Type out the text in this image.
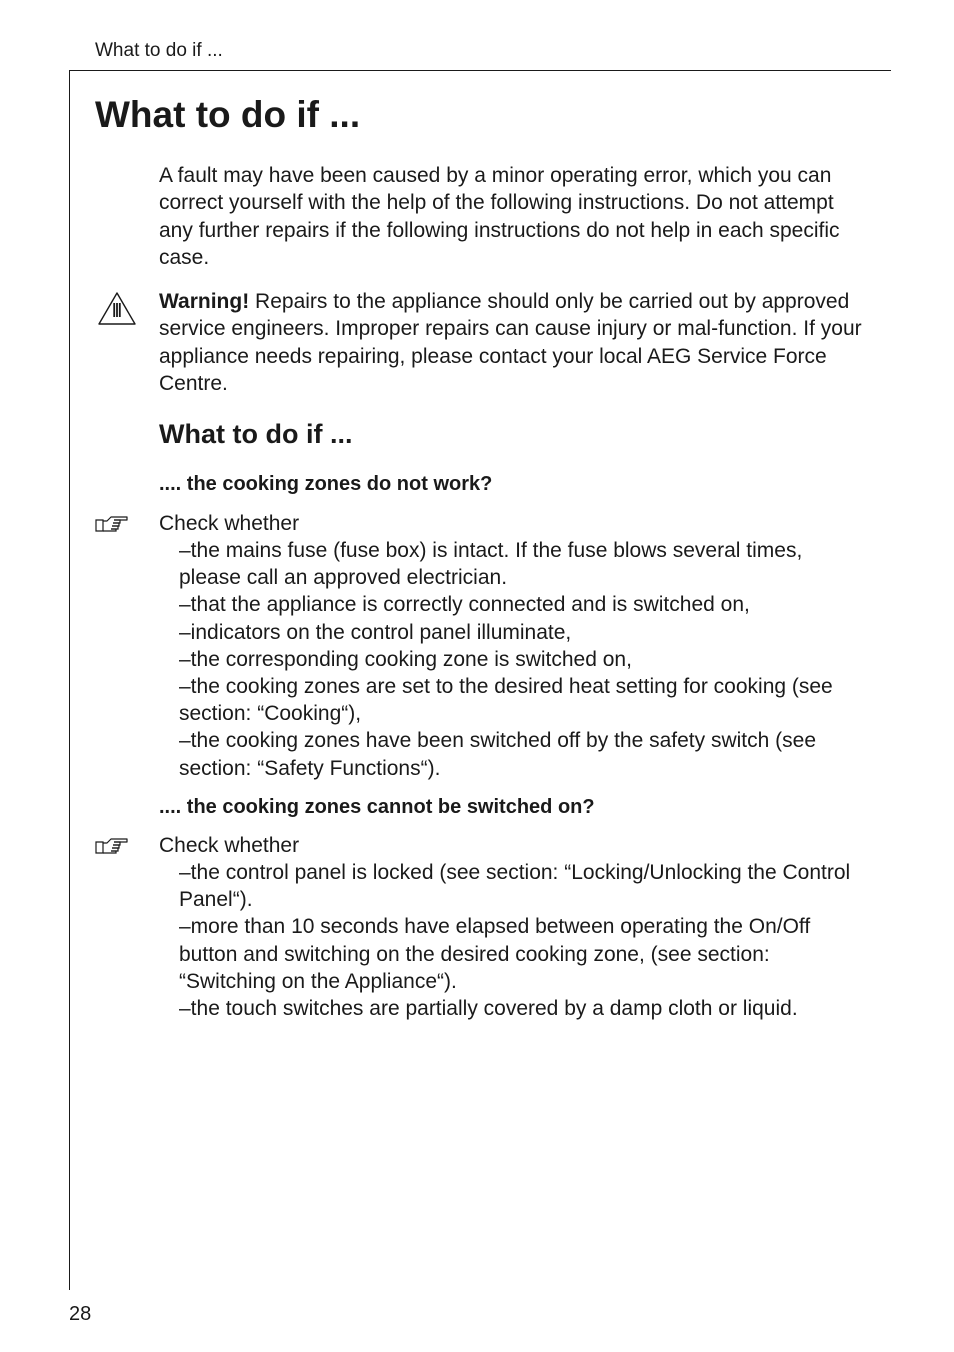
What to do if ...
What to do if ...

A fault may have been caused by a minor operating error, which you can correct yourself with the help of the following instructions. Do not attempt any further repairs if the following instructions do not help in each specific case.

Warning! Repairs to the appliance should only be carried out by approved service engineers. Improper repairs can cause injury or mal-function. If your appliance needs repairing, please contact your local AEG Service Force Centre.

What to do if ...

.... the cooking zones do not work?

Check whether

–the mains fuse (fuse box) is intact. If the fuse blows several times, please call an approved electrician.
–that the appliance is correctly connected and is switched on,
–indicators on the control panel illuminate,
–the corresponding cooking zone is switched on,
–the cooking zones are set to the desired heat setting for cooking (see section: “Cooking“),
–the cooking zones have been switched off by the safety switch (see section: “Safety Functions“).

.... the cooking zones cannot be switched on?

Check whether

–the control panel is locked (see section: “Locking/Unlocking the Control Panel“).
–more than 10 seconds have elapsed between operating the On/Off button and switching on the desired cooking zone, (see section: “Switching on the Appliance“).
–the touch switches are partially covered by a damp cloth or liquid.
28
